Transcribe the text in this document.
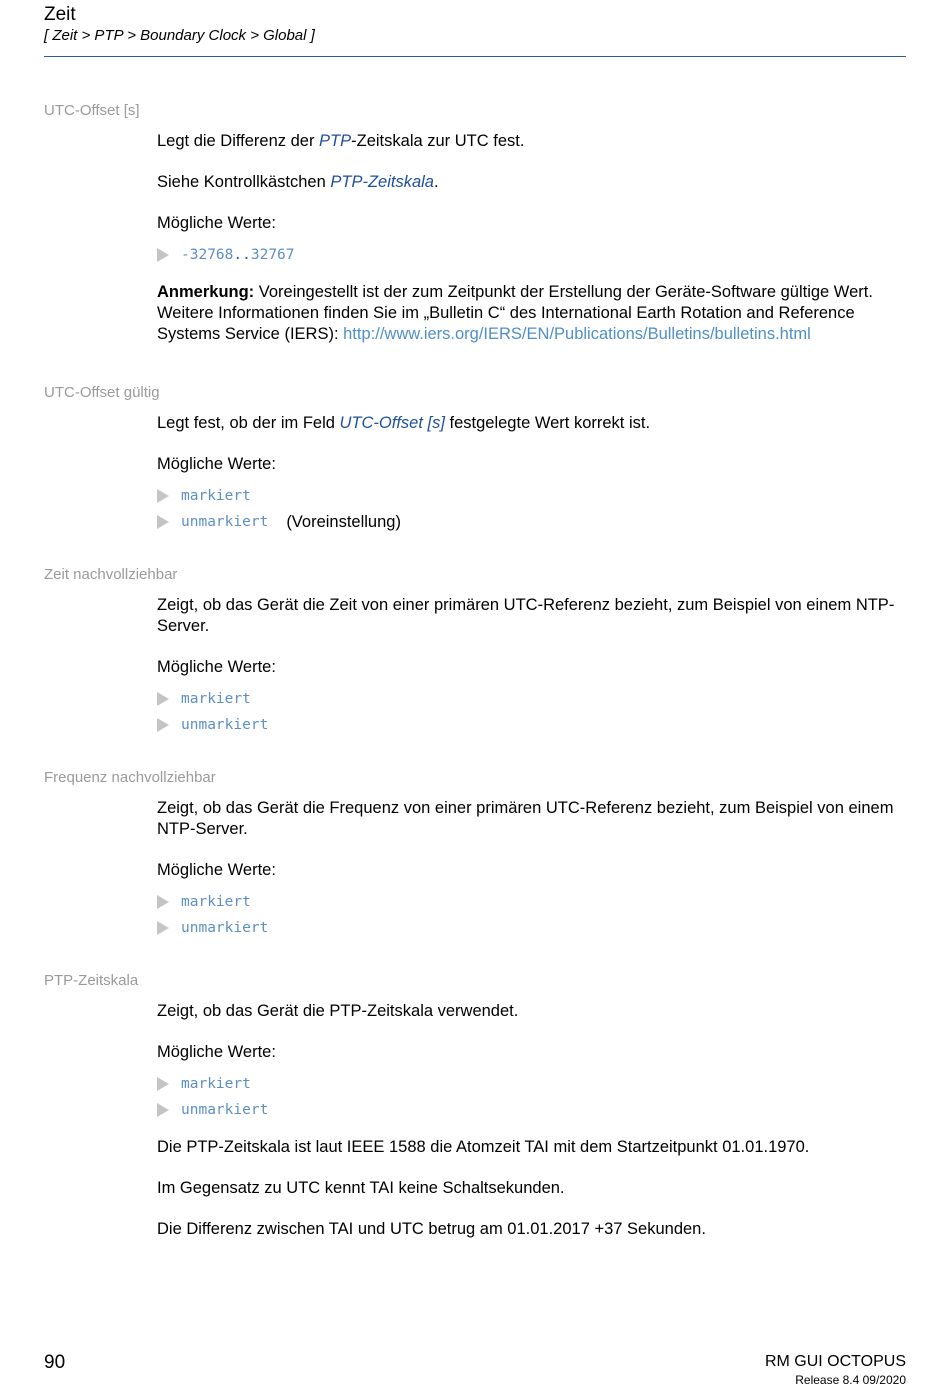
Zeit
[ Zeit > PTP > Boundary Clock > Global ]
UTC-Offset [s]

Legt die Differenz der PTP-Zeitskala zur UTC fest.

Siehe Kontrollkästchen PTP-Zeitskala.

Mögliche Werte:

-32768..32767

Anmerkung: Voreingestellt ist der zum Zeitpunkt der Erstellung der Geräte-Software gültige Wert. Weitere Informationen finden Sie im „Bulletin C“ des International Earth Rotation and Reference Systems Service (IERS): http://www.iers.org/IERS/EN/Publications/Bulletins/bulletins.html

UTC-Offset gültig

Legt fest, ob der im Feld UTC-Offset [s] festgelegte Wert korrekt ist.

Mögliche Werte:

markiert
unmarkiert (Voreinstellung)
Zeit nachvollziehbar

Zeigt, ob das Gerät die Zeit von einer primären UTC-Referenz bezieht, zum Beispiel von einem NTP-Server.

Mögliche Werte:

markiert
unmarkiert
Frequenz nachvollziehbar

Zeigt, ob das Gerät die Frequenz von einer primären UTC-Referenz bezieht, zum Beispiel von einem NTP-Server.

Mögliche Werte:

markiert
unmarkiert
PTP-Zeitskala

Zeigt, ob das Gerät die PTP-Zeitskala verwendet.

Mögliche Werte:

markiert
unmarkiert

Die PTP-Zeitskala ist laut IEEE 1588 die Atomzeit TAI mit dem Startzeitpunkt 01.01.1970.

Im Gegensatz zu UTC kennt TAI keine Schaltsekunden.

Die Differenz zwischen TAI und UTC betrug am 01.01.2017 +37 Sekunden.

90	RM GUI OCTOPUS
Release 8.4 09/2020
